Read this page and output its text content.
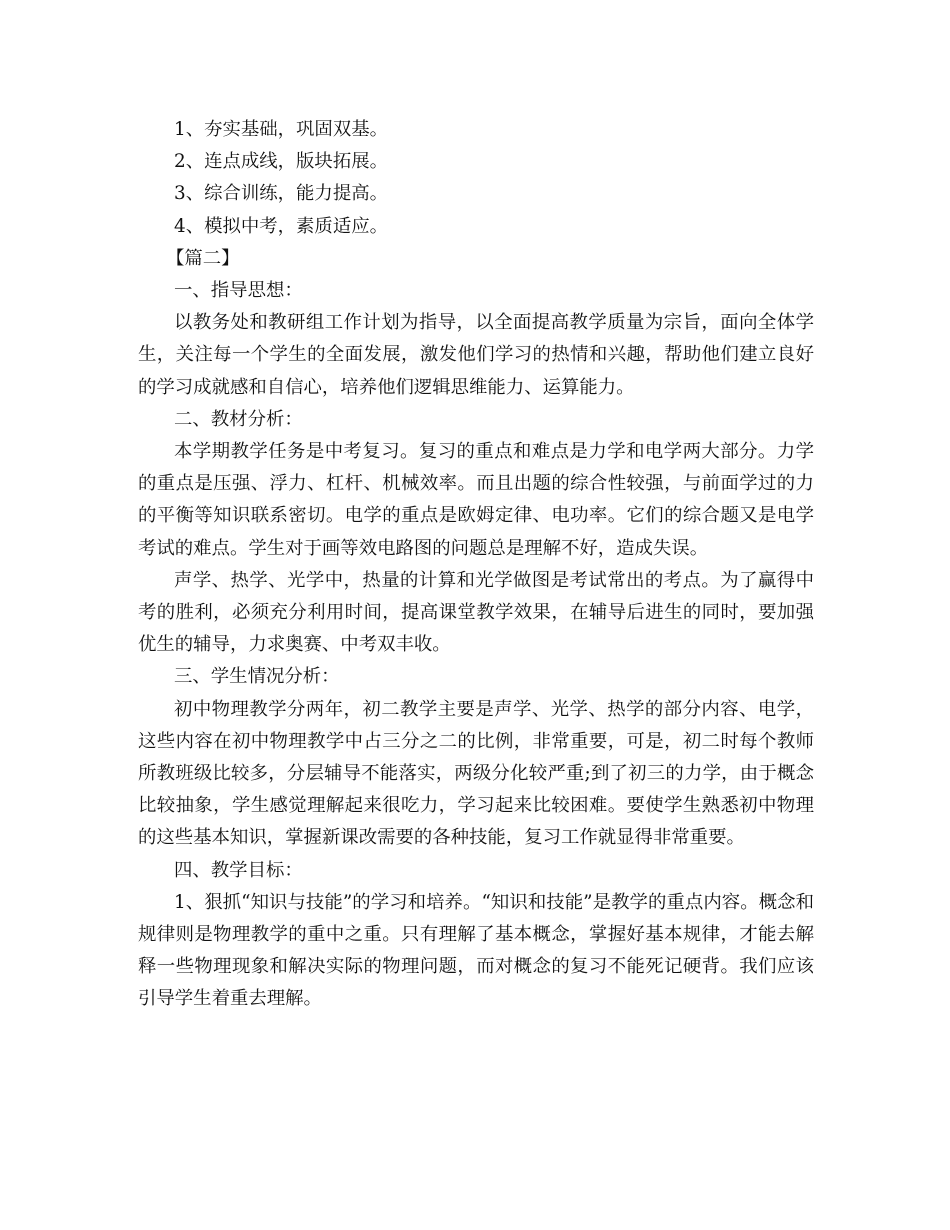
1、夯实基础，巩固双基。

2、连点成线，版块拓展。

3、综合训练，能力提高。

4、模拟中考，素质适应。

【篇二】

一、指导思想：

以教务处和教研组工作计划为指导，以全面提高教学质量为宗旨，面向全体学生，关注每一个学生的全面发展，激发他们学习的热情和兴趣，帮助他们建立良好的学习成就感和自信心，培养他们逻辑思维能力、运算能力。

二、教材分析：

本学期教学任务是中考复习。复习的重点和难点是力学和电学两大部分。力学的重点是压强、浮力、杠杆、机械效率。而且出题的综合性较强，与前面学过的力的平衡等知识联系密切。电学的重点是欧姆定律、电功率。它们的综合题又是电学考试的难点。学生对于画等效电路图的问题总是理解不好，造成失误。

声学、热学、光学中，热量的计算和光学做图是考试常出的考点。为了赢得中考的胜利，必须充分利用时间，提高课堂教学效果，在辅导后进生的同时，要加强优生的辅导，力求奥赛、中考双丰收。

三、学生情况分析：

初中物理教学分两年，初二教学主要是声学、光学、热学的部分内容、电学，这些内容在初中物理教学中占三分之二的比例，非常重要，可是，初二时每个教师所教班级比较多，分层辅导不能落实，两级分化较严重;到了初三的力学，由于概念比较抽象，学生感觉理解起来很吃力，学习起来比较困难。要使学生熟悉初中物理的这些基本知识，掌握新课改需要的各种技能，复习工作就显得非常重要。

四、教学目标：

1、狠抓“知识与技能”的学习和培养。“知识和技能”是教学的重点内容。概念和规律则是物理教学的重中之重。只有理解了基本概念，掌握好基本规律，才能去解释一些物理现象和解决实际的物理问题，而对概念的复习不能死记硬背。我们应该引导学生着重去理解。
